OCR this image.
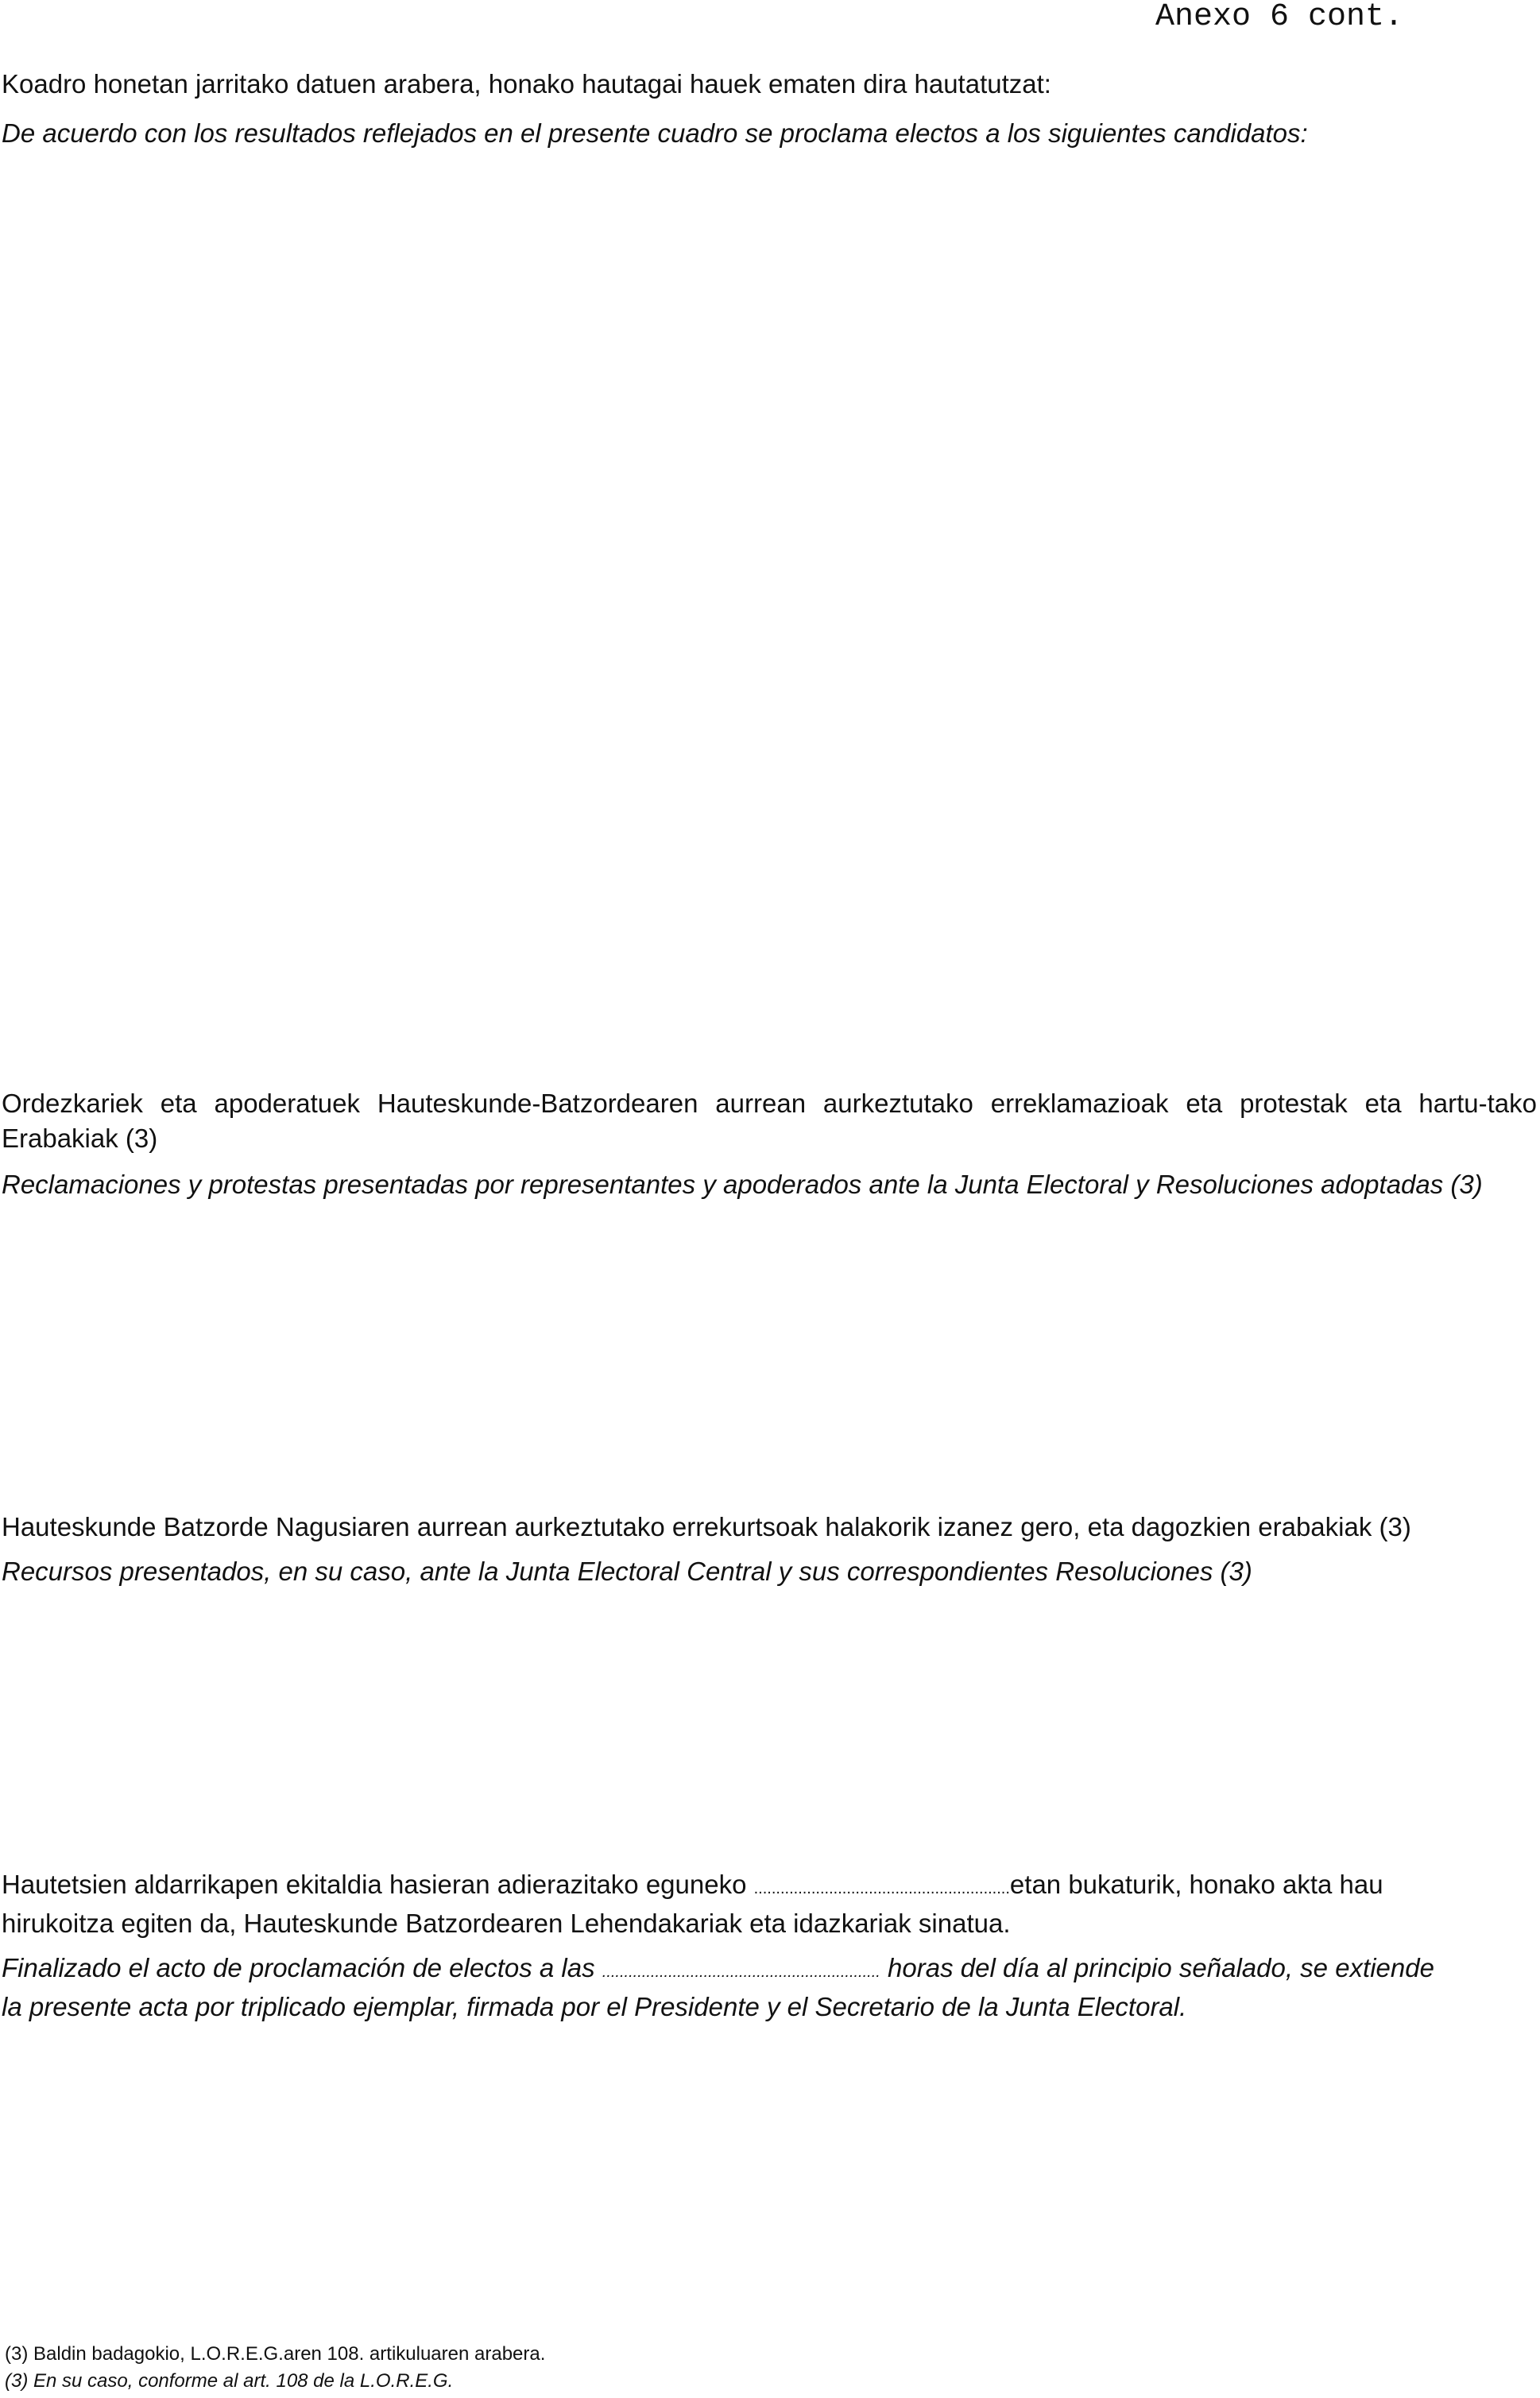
Anexo 6 cont.

Koadro honetan jarritako datuen arabera, honako hautagai hauek ematen dira hautatutzat:

De acuerdo con los resultados reflejados en el presente cuadro se proclama electos a los siguientes candidatos:

Ordezkariek eta apoderatuek Hauteskunde-Batzordearen aurrean aurkeztutako erreklamazioak eta protestak eta hartu-tako Erabakiak (3)

Reclamaciones y protestas presentadas por representantes y apoderados ante la Junta Electoral y Resoluciones adoptadas (3)

Hauteskunde Batzorde Nagusiaren aurrean aurkeztutako errekurtsoak halakorik izanez gero, eta dagozkien erabakiak (3)

Recursos presentados, en su caso, ante la Junta Electoral Central y sus correspondientes Resoluciones (3)

Hautetsien aldarrikapen ekitaldia hasieran adierazitako eguneko ..........................................................etan bukaturik, honako akta hau

hirukoitza egiten da, Hauteskunde Batzordearen Lehendakariak eta idazkariak sinatua.

Finalizado el acto de proclamación de electos a las ............................................................... horas del día al principio señalado, se extiende

la presente acta por triplicado ejemplar, firmada por el Presidente y el Secretario de la Junta Electoral.

(3) Baldin badagokio, L.O.R.E.G.aren 108. artikuluaren arabera.

(3) En su caso, conforme al art. 108 de la L.O.R.E.G.
